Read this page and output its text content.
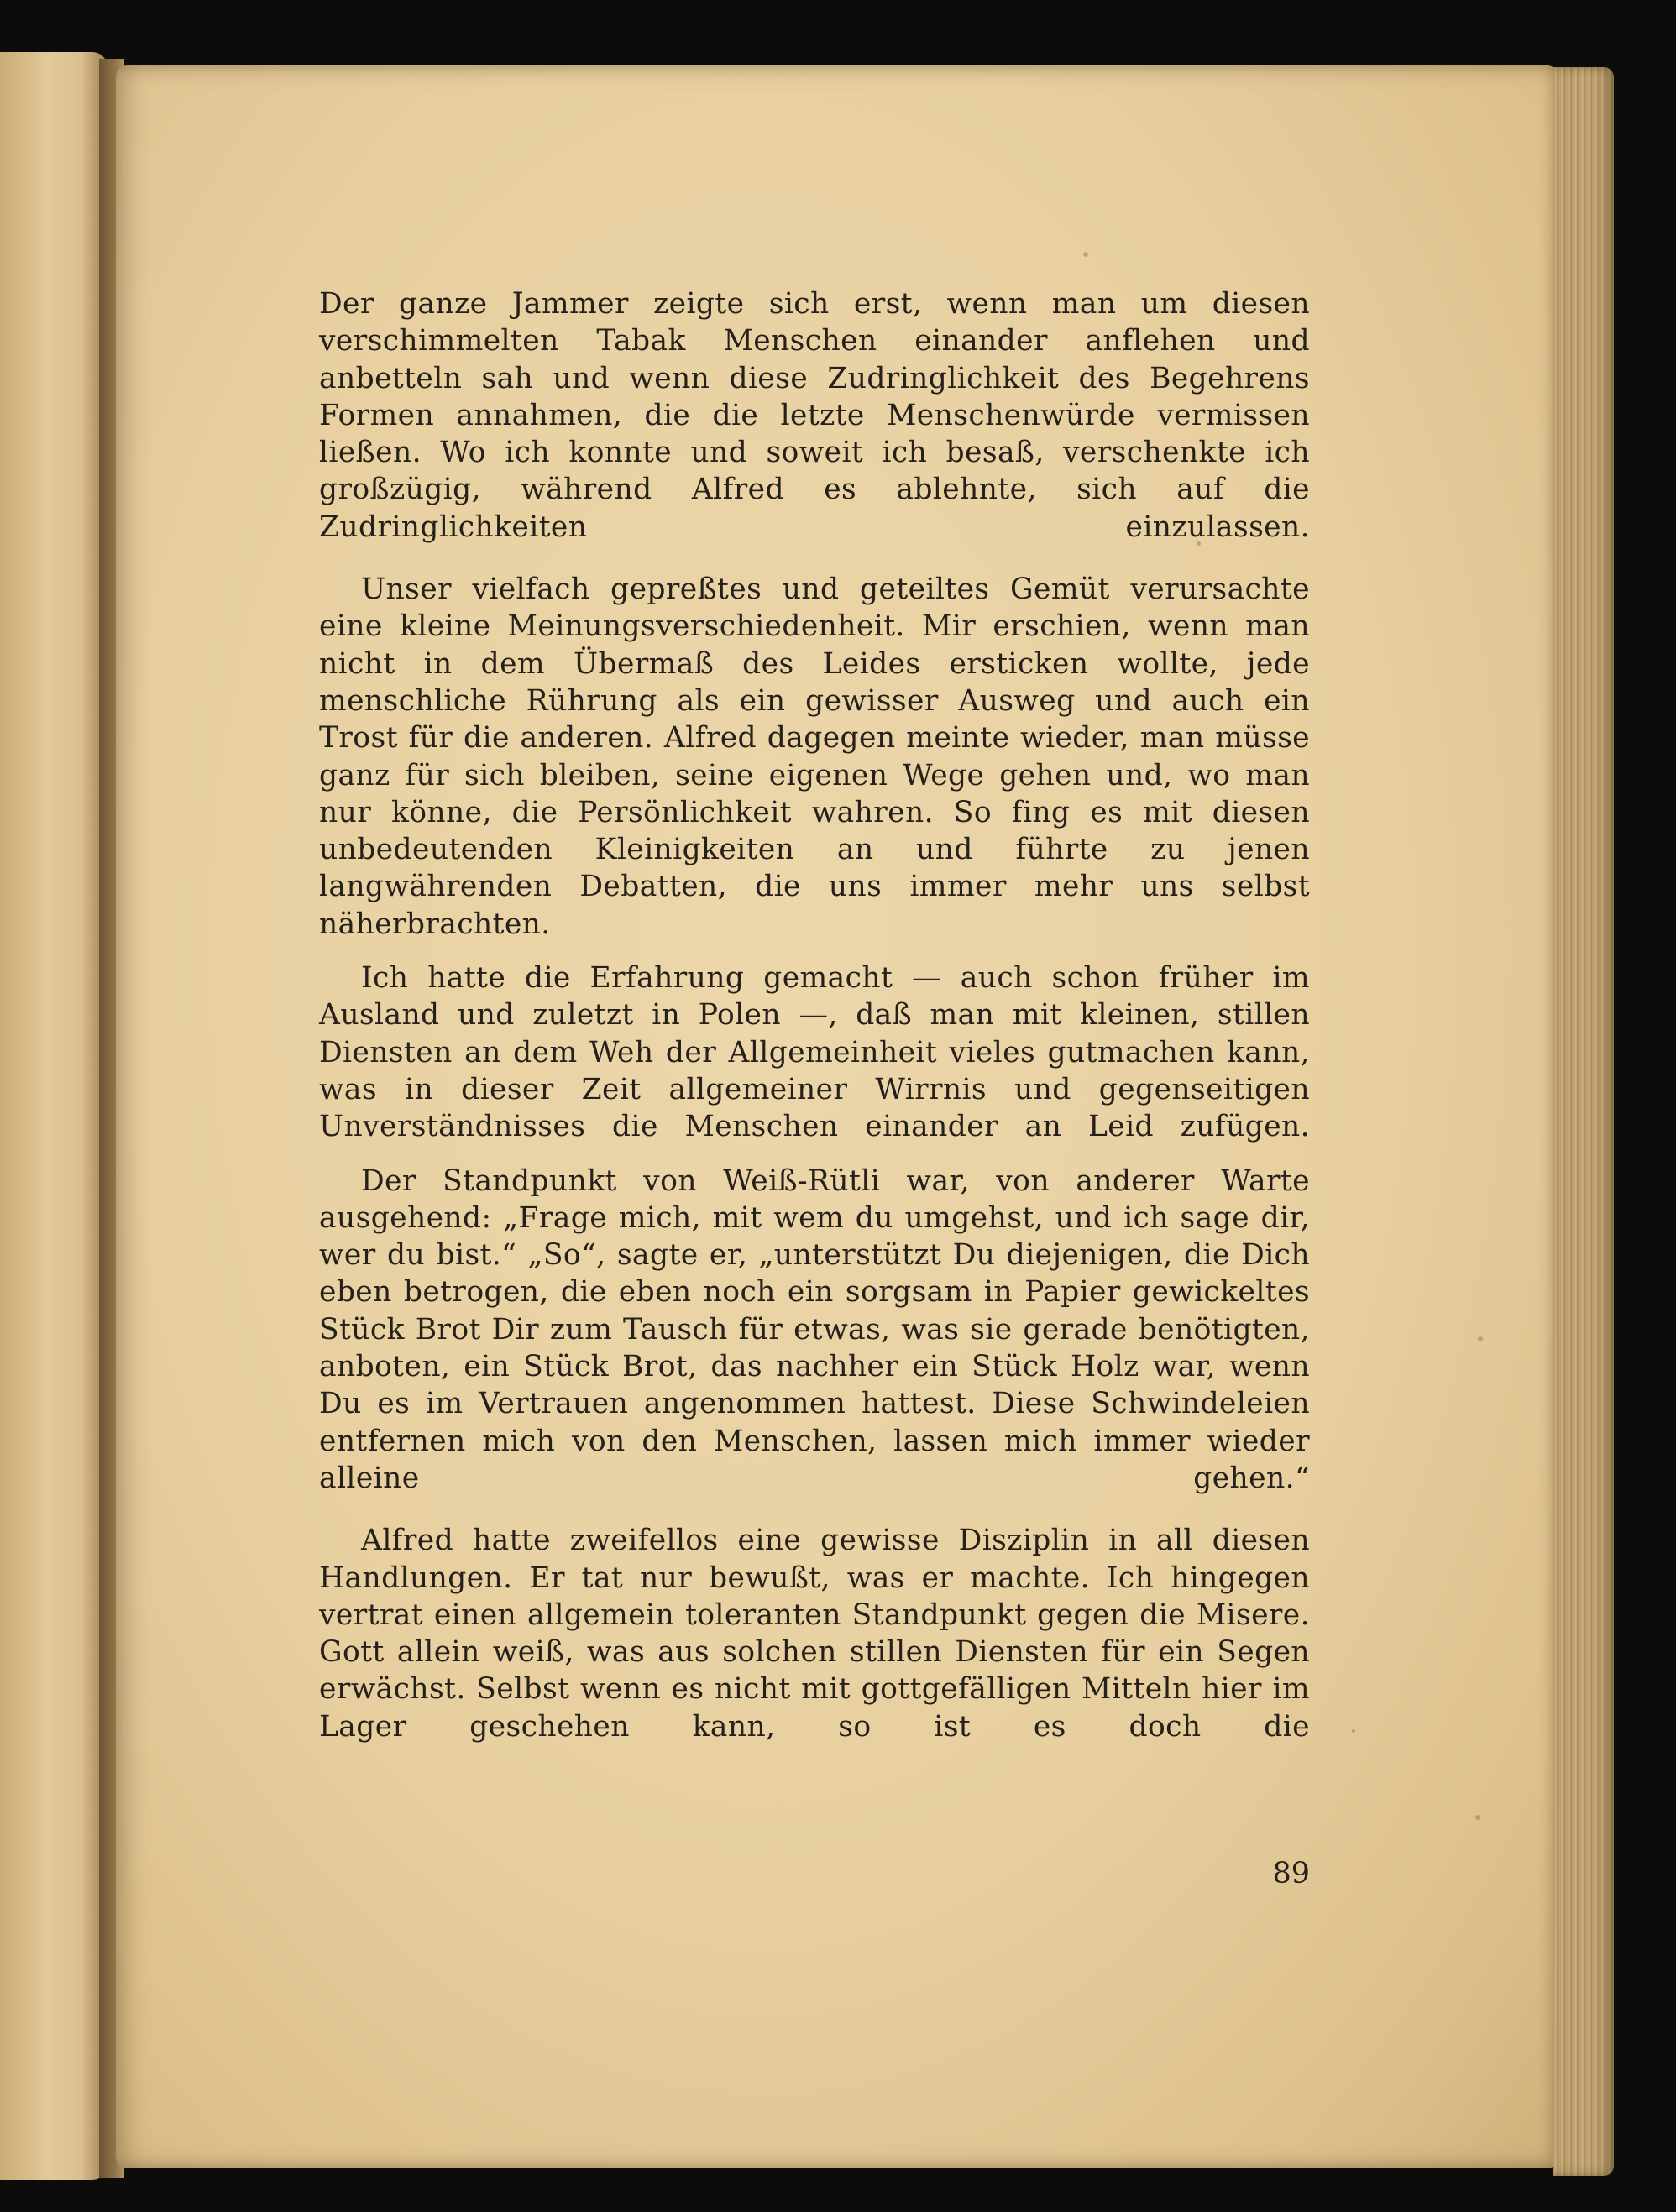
Der ganze Jammer zeigte sich erst, wenn man um diesen verschimmelten Tabak Menschen einander anflehen und anbetteln sah und wenn diese Zudringlichkeit des Begehrens Formen annahmen, die die letzte Menschenwürde vermissen ließen. Wo ich konnte und soweit ich besaß, verschenkte ich großzügig, während Alfred es ablehnte, sich auf die Zudringlichkeiten einzulassen.

Unser vielfach gepreßtes und geteiltes Gemüt verursachte eine kleine Meinungsverschiedenheit. Mir erschien, wenn man nicht in dem Übermaß des Leides ersticken wollte, jede menschliche Rührung als ein gewisser Ausweg und auch ein Trost für die anderen. Alfred dagegen meinte wieder, man müsse ganz für sich bleiben, seine eigenen Wege gehen und, wo man nur könne, die Persönlichkeit wahren. So fing es mit diesen unbedeutenden Kleinigkeiten an und führte zu jenen langwährenden Debatten, die uns immer mehr uns selbst näherbrachten.

Ich hatte die Erfahrung gemacht — auch schon früher im Ausland und zuletzt in Polen —, daß man mit kleinen, stillen Diensten an dem Weh der Allgemeinheit vieles gutmachen kann, was in dieser Zeit allgemeiner Wirrnis und gegenseitigen Unverständnisses die Menschen einander an Leid zufügen.

Der Standpunkt von Weiß-Rütli war, von anderer Warte ausgehend: „Frage mich, mit wem du umgehst, und ich sage dir, wer du bist.“ „So“, sagte er, „unterstützt Du diejenigen, die Dich eben betrogen, die eben noch ein sorgsam in Papier gewickeltes Stück Brot Dir zum Tausch für etwas, was sie gerade benötigten, anboten, ein Stück Brot, das nachher ein Stück Holz war, wenn Du es im Vertrauen angenommen hattest. Diese Schwindeleien entfernen mich von den Menschen, lassen mich immer wieder alleine gehen.“

Alfred hatte zweifellos eine gewisse Disziplin in all diesen Handlungen. Er tat nur bewußt, was er machte. Ich hingegen vertrat einen allgemein toleranten Standpunkt gegen die Misere. Gott allein weiß, was aus solchen stillen Diensten für ein Segen erwächst. Selbst wenn es nicht mit gottgefälligen Mitteln hier im Lager geschehen kann, so ist es doch die

89
